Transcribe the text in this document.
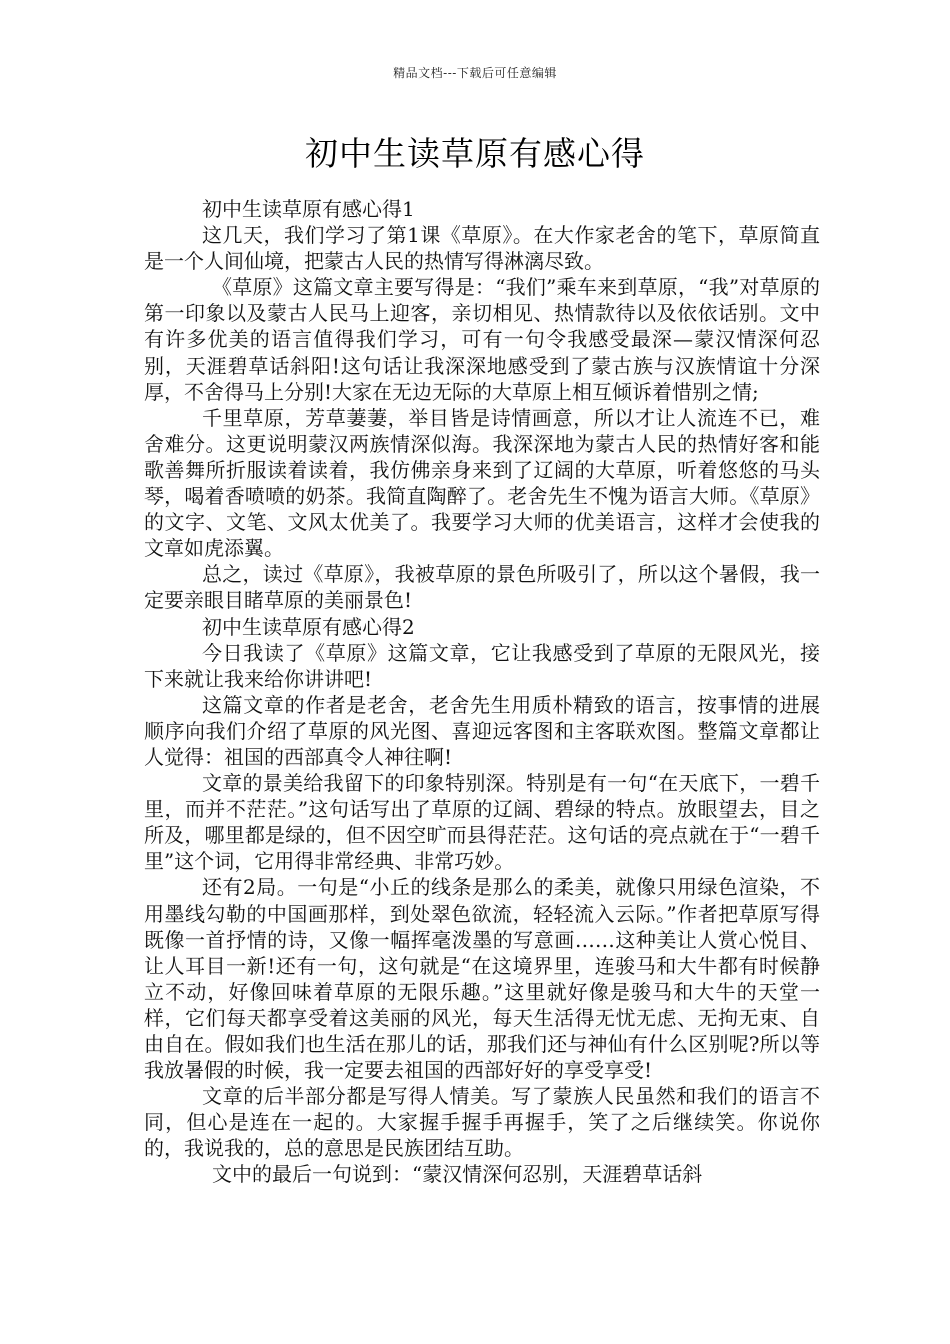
精品文档---下载后可任意编辑
初中生读草原有感心得

初中生读草原有感心得1

这几天，我们学习了第1课《草原》。在大作家老舍的笔下，草原简直是一个人间仙境，把蒙古人民的热情写得淋漓尽致。

《草原》这篇文章主要写得是：“我们”乘车来到草原，“我”对草原的第一印象以及蒙古人民马上迎客，亲切相见、热情款待以及依依话别。文中有许多优美的语言值得我们学习，可有一句令我感受最深—蒙汉情深何忍别，天涯碧草话斜阳!这句话让我深深地感受到了蒙古族与汉族情谊十分深厚，不舍得马上分别!大家在无边无际的大草原上相互倾诉着惜别之情;

千里草原，芳草萋萋，举目皆是诗情画意，所以才让人流连不已，难舍难分。这更说明蒙汉两族情深似海。我深深地为蒙古人民的热情好客和能歌善舞所折服读着读着，我仿佛亲身来到了辽阔的大草原，听着悠悠的马头琴，喝着香喷喷的奶茶。我简直陶醉了。老舍先生不愧为语言大师。《草原》的文字、文笔、文风太优美了。我要学习大师的优美语言，这样才会使我的文章如虎添翼。

总之，读过《草原》，我被草原的景色所吸引了，所以这个暑假，我一定要亲眼目睹草原的美丽景色!

初中生读草原有感心得2

今日我读了《草原》这篇文章，它让我感受到了草原的无限风光，接下来就让我来给你讲讲吧!

这篇文章的作者是老舍，老舍先生用质朴精致的语言，按事情的进展顺序向我们介绍了草原的风光图、喜迎远客图和主客联欢图。整篇文章都让人觉得：祖国的西部真令人神往啊!

文章的景美给我留下的印象特别深。特别是有一句“在天底下，一碧千里，而并不茫茫。”这句话写出了草原的辽阔、碧绿的特点。放眼望去，目之所及，哪里都是绿的，但不因空旷而县得茫茫。这句话的亮点就在于“一碧千里”这个词，它用得非常经典、非常巧妙。

还有2局。一句是“小丘的线条是那么的柔美，就像只用绿色渲染，不用墨线勾勒的中国画那样，到处翠色欲流，轻轻流入云际。”作者把草原写得既像一首抒情的诗，又像一幅挥毫泼墨的写意画……这种美让人赏心悦目、让人耳目一新!还有一句，这句就是“在这境界里，连骏马和大牛都有时候静立不动，好像回味着草原的无限乐趣。”这里就好像是骏马和大牛的天堂一样，它们每天都享受着这美丽的风光，每天生活得无忧无虑、无拘无束、自由自在。假如我们也生活在那儿的话，那我们还与神仙有什么区别呢?所以等我放暑假的时候，我一定要去祖国的西部好好的享受享受!

文章的后半部分都是写得人情美。写了蒙族人民虽然和我们的语言不同，但心是连在一起的。大家握手握手再握手，笑了之后继续笑。你说你的，我说我的，总的意思是民族团结互助。

文中的最后一句说到：“蒙汉情深何忍别，天涯碧草话斜
